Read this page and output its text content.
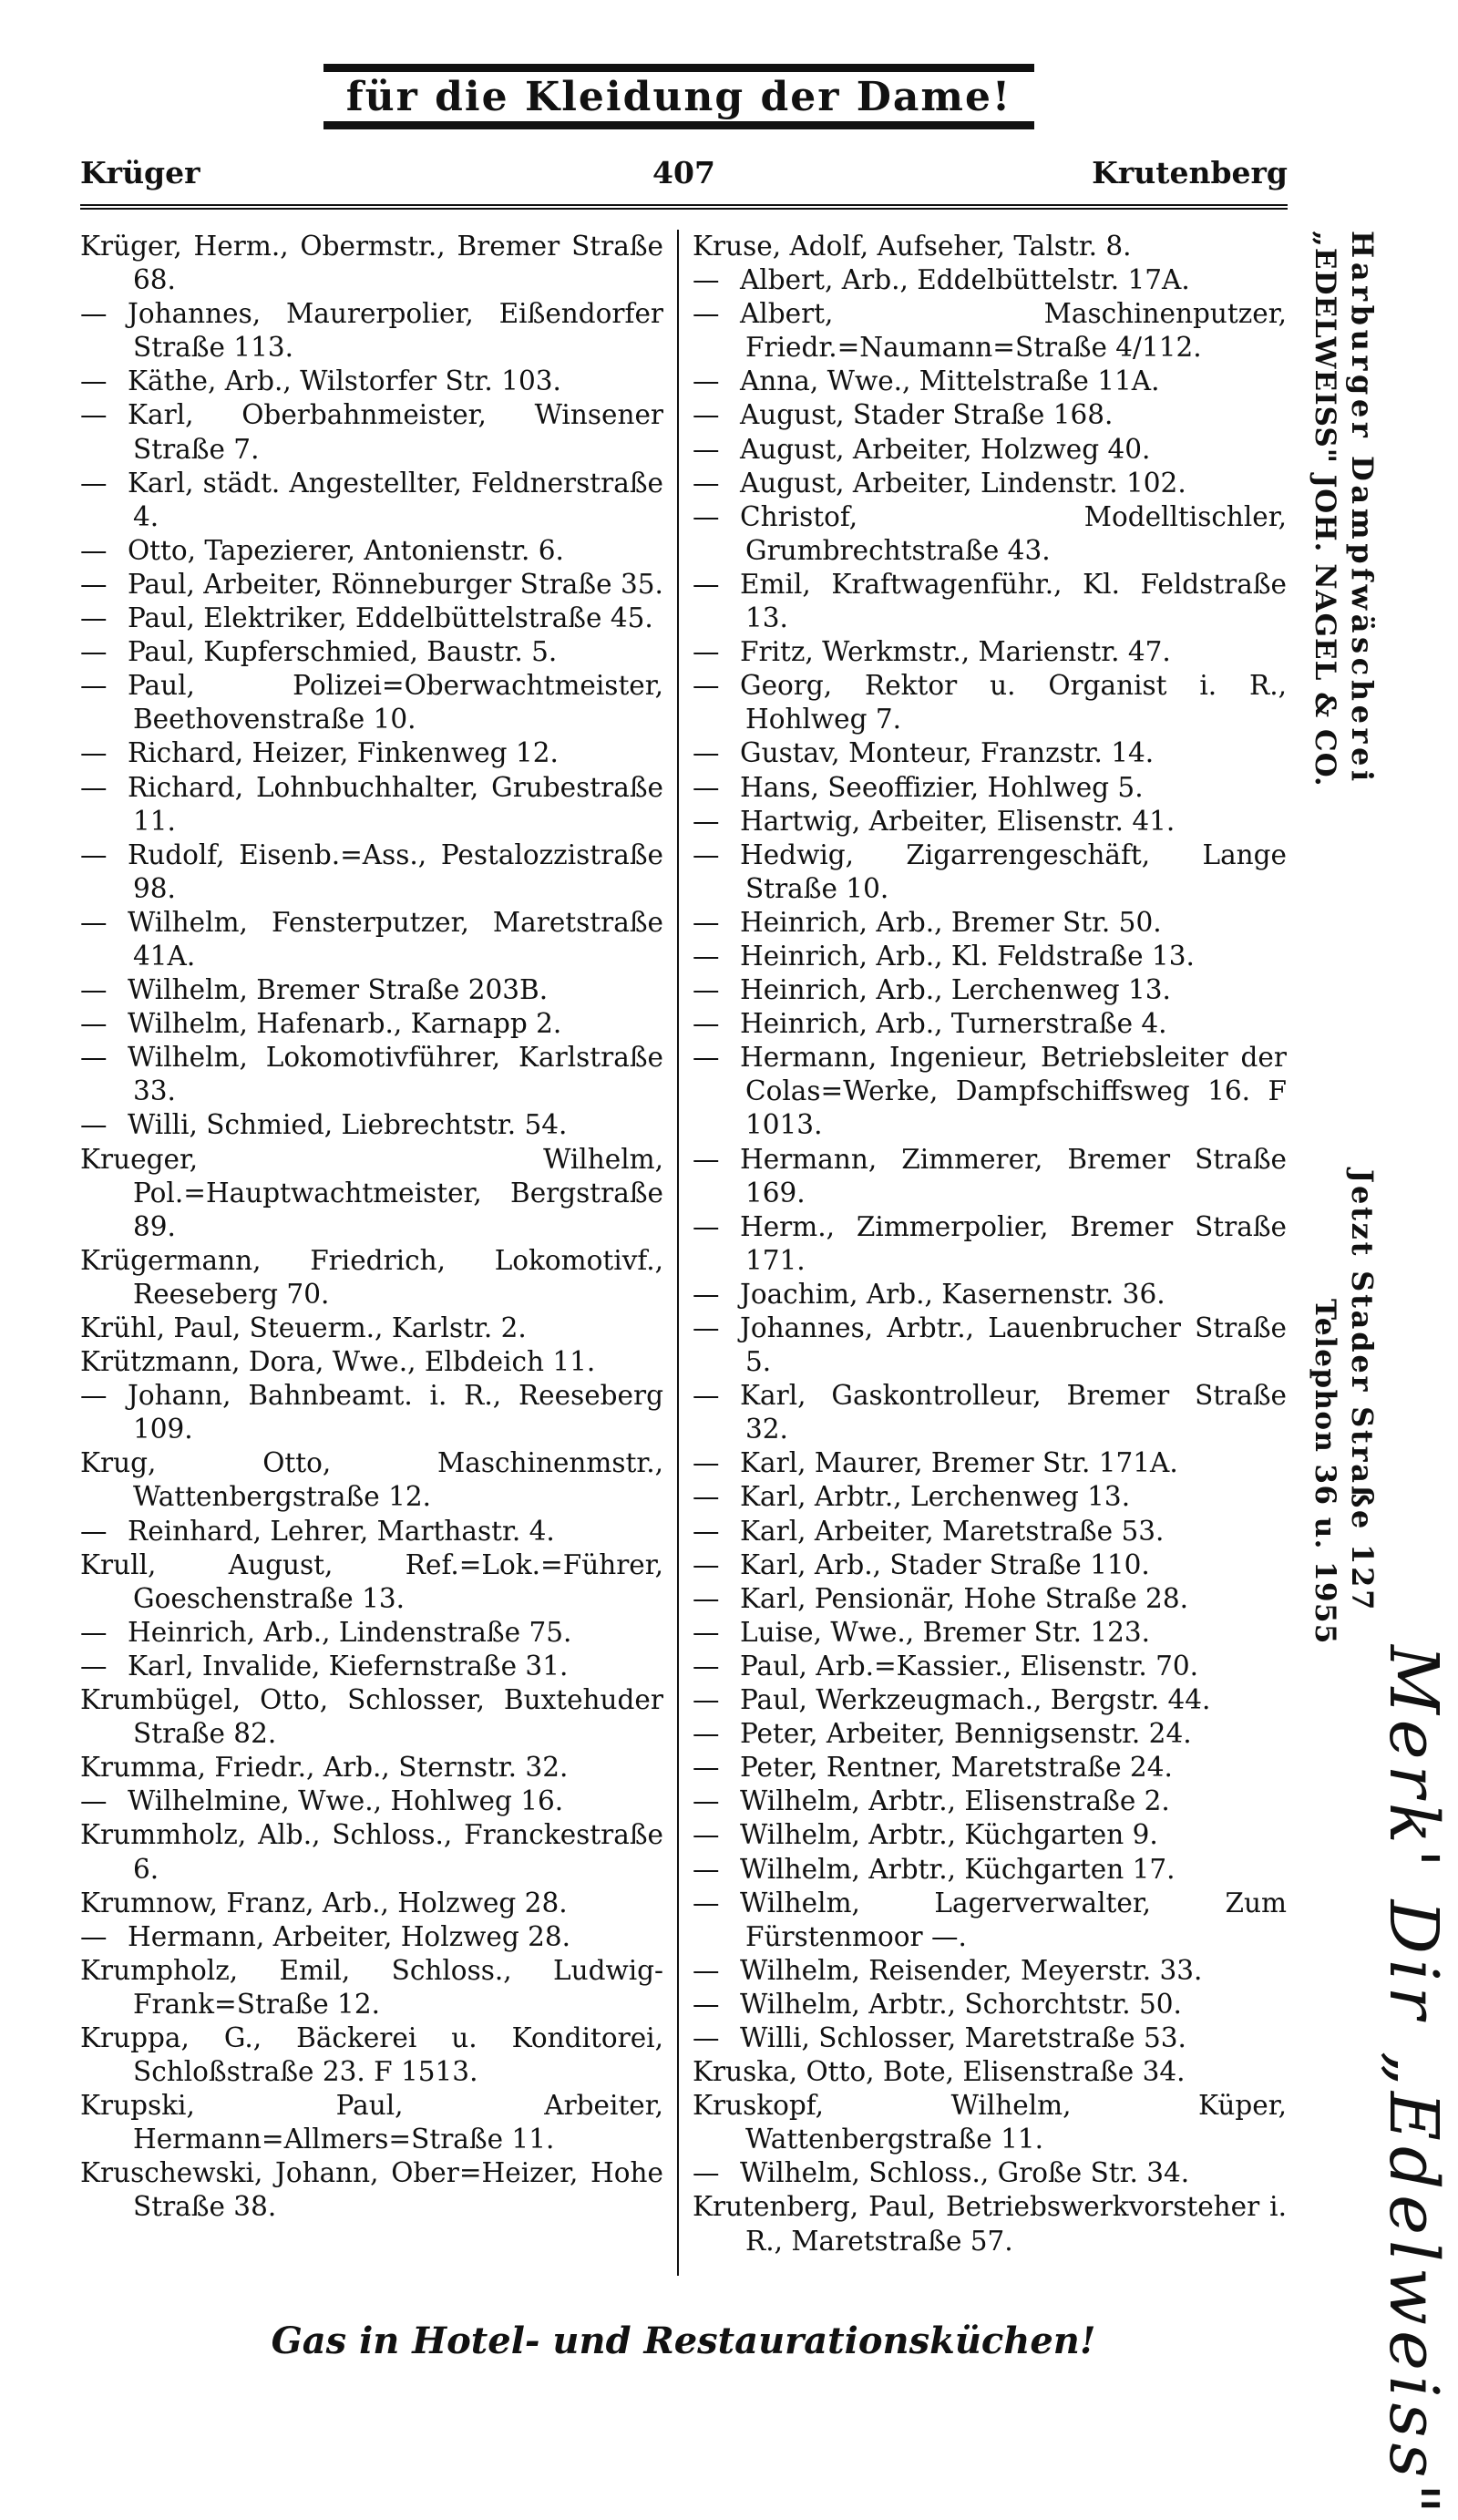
für die Kleidung der Dame!
Krüger	407	Krutenberg

Krüger, Herm., Obermstr., Bremer Straße 68.

— Johannes, Maurerpolier, Eißendorfer Straße 113.

— Käthe, Arb., Wilstorfer Str. 103.

— Karl, Oberbahnmeister, Winsener Straße 7.

— Karl, städt. Angestellter, Feldnerstraße 4.

— Otto, Tapezierer, Antonienstr. 6.

— Paul, Arbeiter, Rönneburger Straße 35.

— Paul, Elektriker, Eddelbüttelstraße 45.

— Paul, Kupferschmied, Baustr. 5.

— Paul, Polizei=Oberwachtmeister, Beethovenstraße 10.

— Richard, Heizer, Finkenweg 12.

— Richard, Lohnbuchhalter, Grubestraße 11.

— Rudolf, Eisenb.=Ass., Pestalozzistraße 98.

— Wilhelm, Fensterputzer, Maretstraße 41A.

— Wilhelm, Bremer Straße 203B.

— Wilhelm, Hafenarb., Karnapp 2.

— Wilhelm, Lokomotivführer, Karlstraße 33.

— Willi, Schmied, Liebrechtstr. 54.

Krueger, Wilhelm, Pol.=Hauptwachtmeister, Bergstraße 89.

Krügermann, Friedrich, Lokomotivf., Reeseberg 70.

Krühl, Paul, Steuerm., Karlstr. 2.

Krützmann, Dora, Wwe., Elbdeich 11.

— Johann, Bahnbeamt. i. R., Reeseberg 109.

Krug, Otto, Maschinenmstr., Wattenbergstraße 12.

— Reinhard, Lehrer, Marthastr. 4.

Krull, August, Ref.=Lok.=Führer, Goeschenstraße 13.

— Heinrich, Arb., Lindenstraße 75.

— Karl, Invalide, Kiefernstraße 31.

Krumbügel, Otto, Schlosser, Buxtehuder Straße 82.

Krumma, Friedr., Arb., Sternstr. 32.

— Wilhelmine, Wwe., Hohlweg 16.

Krummholz, Alb., Schloss., Franckestraße 6.

Krumnow, Franz, Arb., Holzweg 28.

— Hermann, Arbeiter, Holzweg 28.

Krumpholz, Emil, Schloss., Ludwig-Frank=Straße 12.

Kruppa, G., Bäckerei u. Konditorei, Schloßstraße 23. F 1513.

Krupski, Paul, Arbeiter, Hermann=Allmers=Straße 11.

Kruschewski, Johann, Ober=Heizer, Hohe Straße 38.

Kruse, Adolf, Aufseher, Talstr. 8.

— Albert, Arb., Eddelbüttelstr. 17A.

— Albert, Maschinenputzer, Friedr.=Naumann=Straße 4/112.

— Anna, Wwe., Mittelstraße 11A.

— August, Stader Straße 168.

— August, Arbeiter, Holzweg 40.

— August, Arbeiter, Lindenstr. 102.

— Christof, Modelltischler, Grumbrechtstraße 43.

— Emil, Kraftwagenführ., Kl. Feldstraße 13.

— Fritz, Werkmstr., Marienstr. 47.

— Georg, Rektor u. Organist i. R., Hohlweg 7.

— Gustav, Monteur, Franzstr. 14.

— Hans, Seeoffizier, Hohlweg 5.

— Hartwig, Arbeiter, Elisenstr. 41.

— Hedwig, Zigarrengeschäft, Lange Straße 10.

— Heinrich, Arb., Bremer Str. 50.

— Heinrich, Arb., Kl. Feldstraße 13.

— Heinrich, Arb., Lerchenweg 13.

— Heinrich, Arb., Turnerstraße 4.

— Hermann, Ingenieur, Betriebsleiter der Colas=Werke, Dampfschiffsweg 16. F 1013.

— Hermann, Zimmerer, Bremer Straße 169.

— Herm., Zimmerpolier, Bremer Straße 171.

— Joachim, Arb., Kasernenstr. 36.

— Johannes, Arbtr., Lauenbrucher Straße 5.

— Karl, Gaskontrolleur, Bremer Straße 32.

— Karl, Maurer, Bremer Str. 171A.

— Karl, Arbtr., Lerchenweg 13.

— Karl, Arbeiter, Maretstraße 53.

— Karl, Arb., Stader Straße 110.

— Karl, Pensionär, Hohe Straße 28.

— Luise, Wwe., Bremer Str. 123.

— Paul, Arb.=Kassier., Elisenstr. 70.

— Paul, Werkzeugmach., Bergstr. 44.

— Peter, Arbeiter, Bennigsenstr. 24.

— Peter, Rentner, Maretstraße 24.

— Wilhelm, Arbtr., Elisenstraße 2.

— Wilhelm, Arbtr., Küchgarten 9.

— Wilhelm, Arbtr., Küchgarten 17.

— Wilhelm, Lagerverwalter, Zum Fürstenmoor —.

— Wilhelm, Reisender, Meyerstr. 33.

— Wilhelm, Arbtr., Schorchtstr. 50.

— Willi, Schlosser, Maretstraße 53.

Kruska, Otto, Bote, Elisenstraße 34.

Kruskopf, Wilhelm, Küper, Wattenbergstraße 11.

— Wilhelm, Schloss., Große Str. 34.

Krutenberg, Paul, Betriebswerkvorsteher i. R., Maretstraße 57.

Harburger Dampfwäscherei
„EDELWEISS" JOH. NAGEL & CO.
Jetzt Stader Straße 127
Telephon 36 u. 1955
Merk' Dir „Edelweiss"
Gas in Hotel- und Restaurationsküchen!
